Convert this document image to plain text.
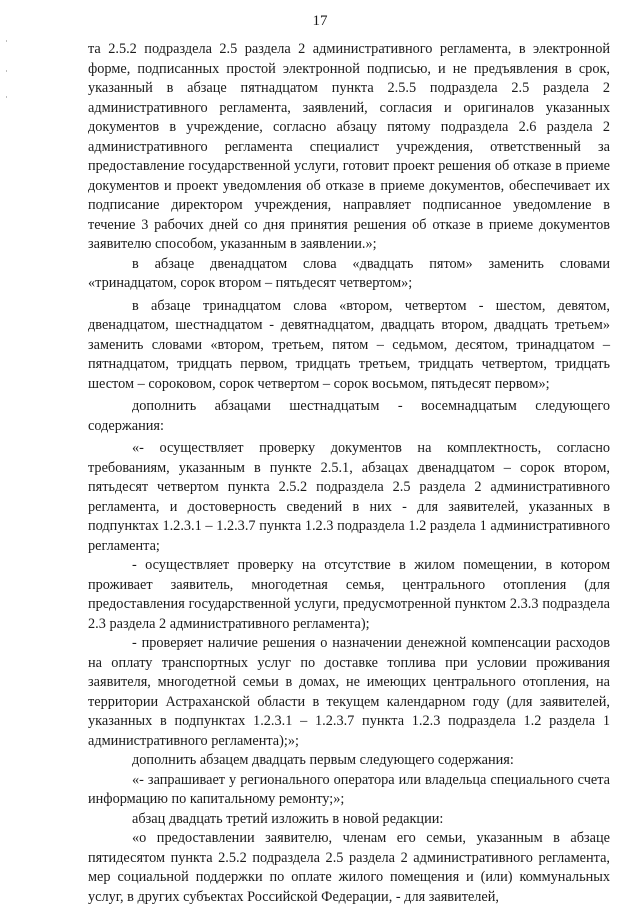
17

та 2.5.2 подраздела 2.5 раздела 2 административного регламента, в электронной форме, подписанных простой электронной подписью, и не предъявления в срок, указанный в абзаце пятнадцатом пункта 2.5.5 подраздела 2.5 раздела 2 административного регламента, заявлений, согласия и оригиналов указанных документов в учреждение, согласно абзацу пятому подраздела 2.6 раздела 2 административного регламента специалист учреждения, ответственный за предоставление государственной услуги, готовит проект решения об отказе в приеме документов и проект уведомления об отказе в приеме документов, обеспечивает их подписание директором учреждения, направляет подписанное уведомление в течение 3 рабочих дней со дня принятия решения об отказе в приеме документов заявителю способом, указанным в заявлении.»;

в абзаце двенадцатом слова «двадцать пятом» заменить словами «тринадцатом, сорок втором – пятьдесят четвертом»;

в абзаце тринадцатом слова «втором, четвертом - шестом, девятом, двенадцатом, шестнадцатом - девятнадцатом, двадцать втором, двадцать третьем» заменить словами «втором, третьем, пятом – седьмом, десятом, тринадцатом – пятнадцатом, тридцать первом, тридцать третьем, тридцать четвертом, тридцать шестом – сороковом, сорок четвертом – сорок восьмом, пятьдесят первом»;

дополнить абзацами шестнадцатым - восемнадцатым следующего содержания:

«- осуществляет проверку документов на комплектность, согласно требованиям, указанным в пункте 2.5.1, абзацах двенадцатом – сорок втором, пятьдесят четвертом пункта 2.5.2 подраздела 2.5 раздела 2 административного регламента, и достоверность сведений в них - для заявителей, указанных в подпунктах 1.2.3.1 – 1.2.3.7 пункта 1.2.3 подраздела 1.2 раздела 1 административного регламента;

- осуществляет проверку на отсутствие в жилом помещении, в котором проживает заявитель, многодетная семья, центрального отопления (для предоставления государственной услуги, предусмотренной пунктом 2.3.3 подраздела 2.3 раздела 2 административного регламента);

- проверяет наличие решения о назначении денежной компенсации расходов на оплату транспортных услуг по доставке топлива при условии проживания заявителя, многодетной семьи в домах, не имеющих центрального отопления, на территории Астраханской области в текущем календарном году (для заявителей, указанных в подпунктах 1.2.3.1 – 1.2.3.7 пункта 1.2.3 подраздела 1.2 раздела 1 административного регламента);»;

дополнить абзацем двадцать первым следующего содержания:

«- запрашивает у регионального оператора или владельца специального счета информацию по капитальному ремонту;»;

абзац двадцать третий изложить в новой редакции:

«о предоставлении заявителю, членам его семьи, указанным в абзаце пятидесятом пункта 2.5.2 подраздела 2.5 раздела 2 административного регламента, мер социальной поддержки по оплате жилого помещения и (или) коммунальных услуг, в других субъектах Российской Федерации, - для заявителей,
